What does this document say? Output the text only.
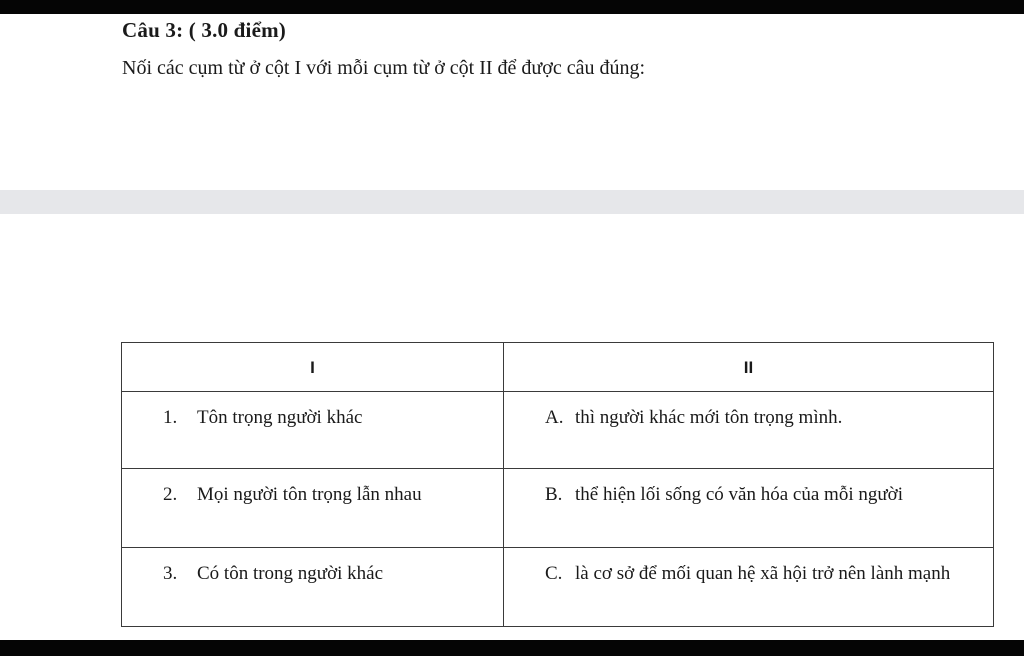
Câu 3: ( 3.0 điểm)
Nối các cụm từ ở cột I với mỗi cụm từ ở cột II để được câu đúng:
I	II

1. Tôn trọng người khác	A. thì người khác mới tôn trọng mình.

2. Mọi người tôn trọng lẫn nhau	B. thể hiện lối sống có văn hóa của mỗi người

3. Có tôn trong người khác	C. là cơ sở để mối quan hệ xã hội trở nên lành mạnh
